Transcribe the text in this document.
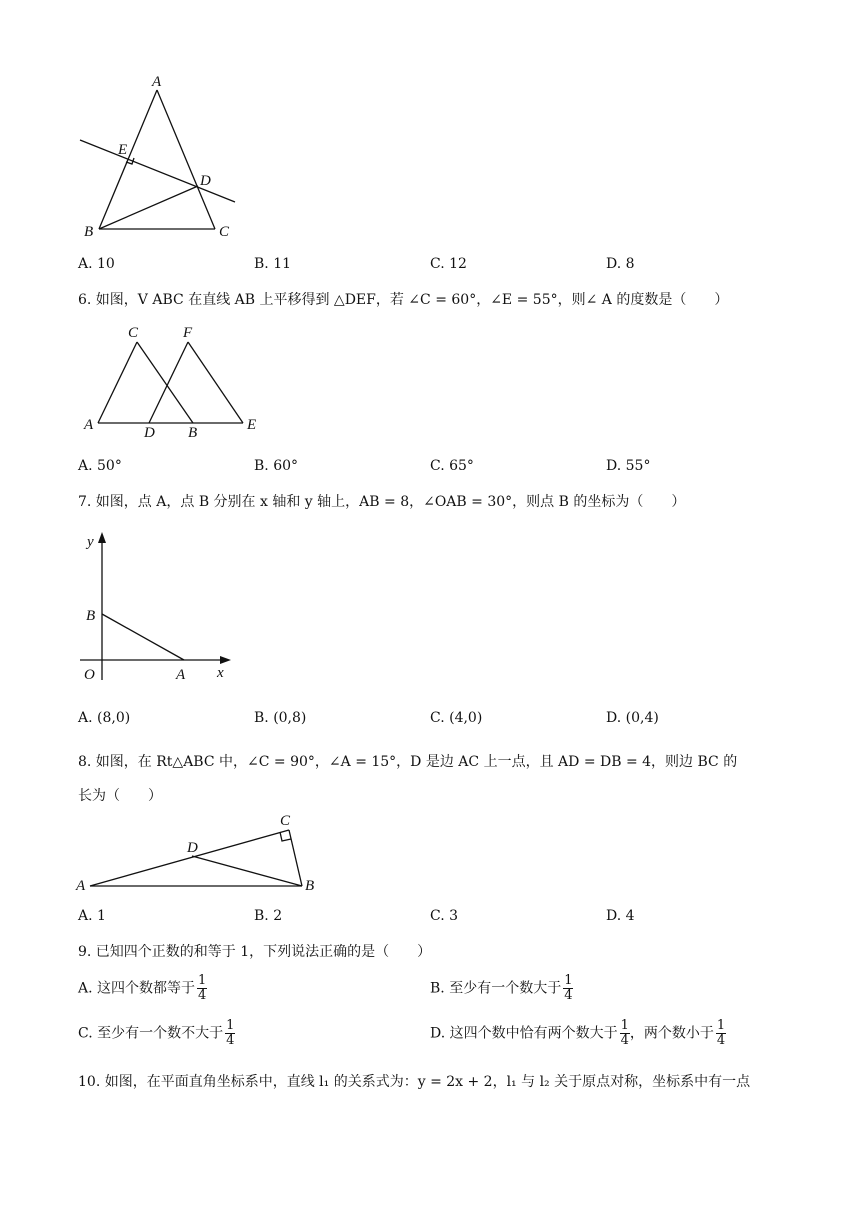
A
B	C
D
E
A. 10	B. 11	C. 12	D. 8
6. 如图，V ABC 在直线 AB 上平移得到 △DEF，若 ∠C = 60°，∠E = 55°，则∠ A 的度数是（　　）
C	F
A	D B	E
A. 50°	B. 60°	C. 65°	D. 55°
7. 如图，点 A，点 B 分别在 x 轴和 y 轴上，AB = 8，∠OAB = 30°，则点 B 的坐标为（　　）
y
x
O	A
B
A. (8,0)	B. (0,8)	C. (4,0)	D. (0,4)
8. 如图，在 Rt△ABC 中，∠C = 90°，∠A = 15°，D 是边 AC 上一点，且 AD = DB = 4，则边 BC 的
长为（　　）
C
D
A	B
A. 1	B. 2	C. 3	D. 4
9. 已知四个正数的和等于 1，下列说法正确的是（　　）
A. 这四个数都等于 $\frac{1}{4}$	B. 至少有一个数大于 $\frac{1}{4}$
C. 至少有一个数不大于 $\frac{1}{4}$	D. 这四个数中恰有两个数大于 $\frac{1}{4}$ ，两个数小于 $\frac{1}{4}$
10. 如图，在平面直角坐标系中，直线 l₁ 的关系式为：y = 2x + 2，l₁ 与 l₂ 关于原点对称，坐标系中有一点
